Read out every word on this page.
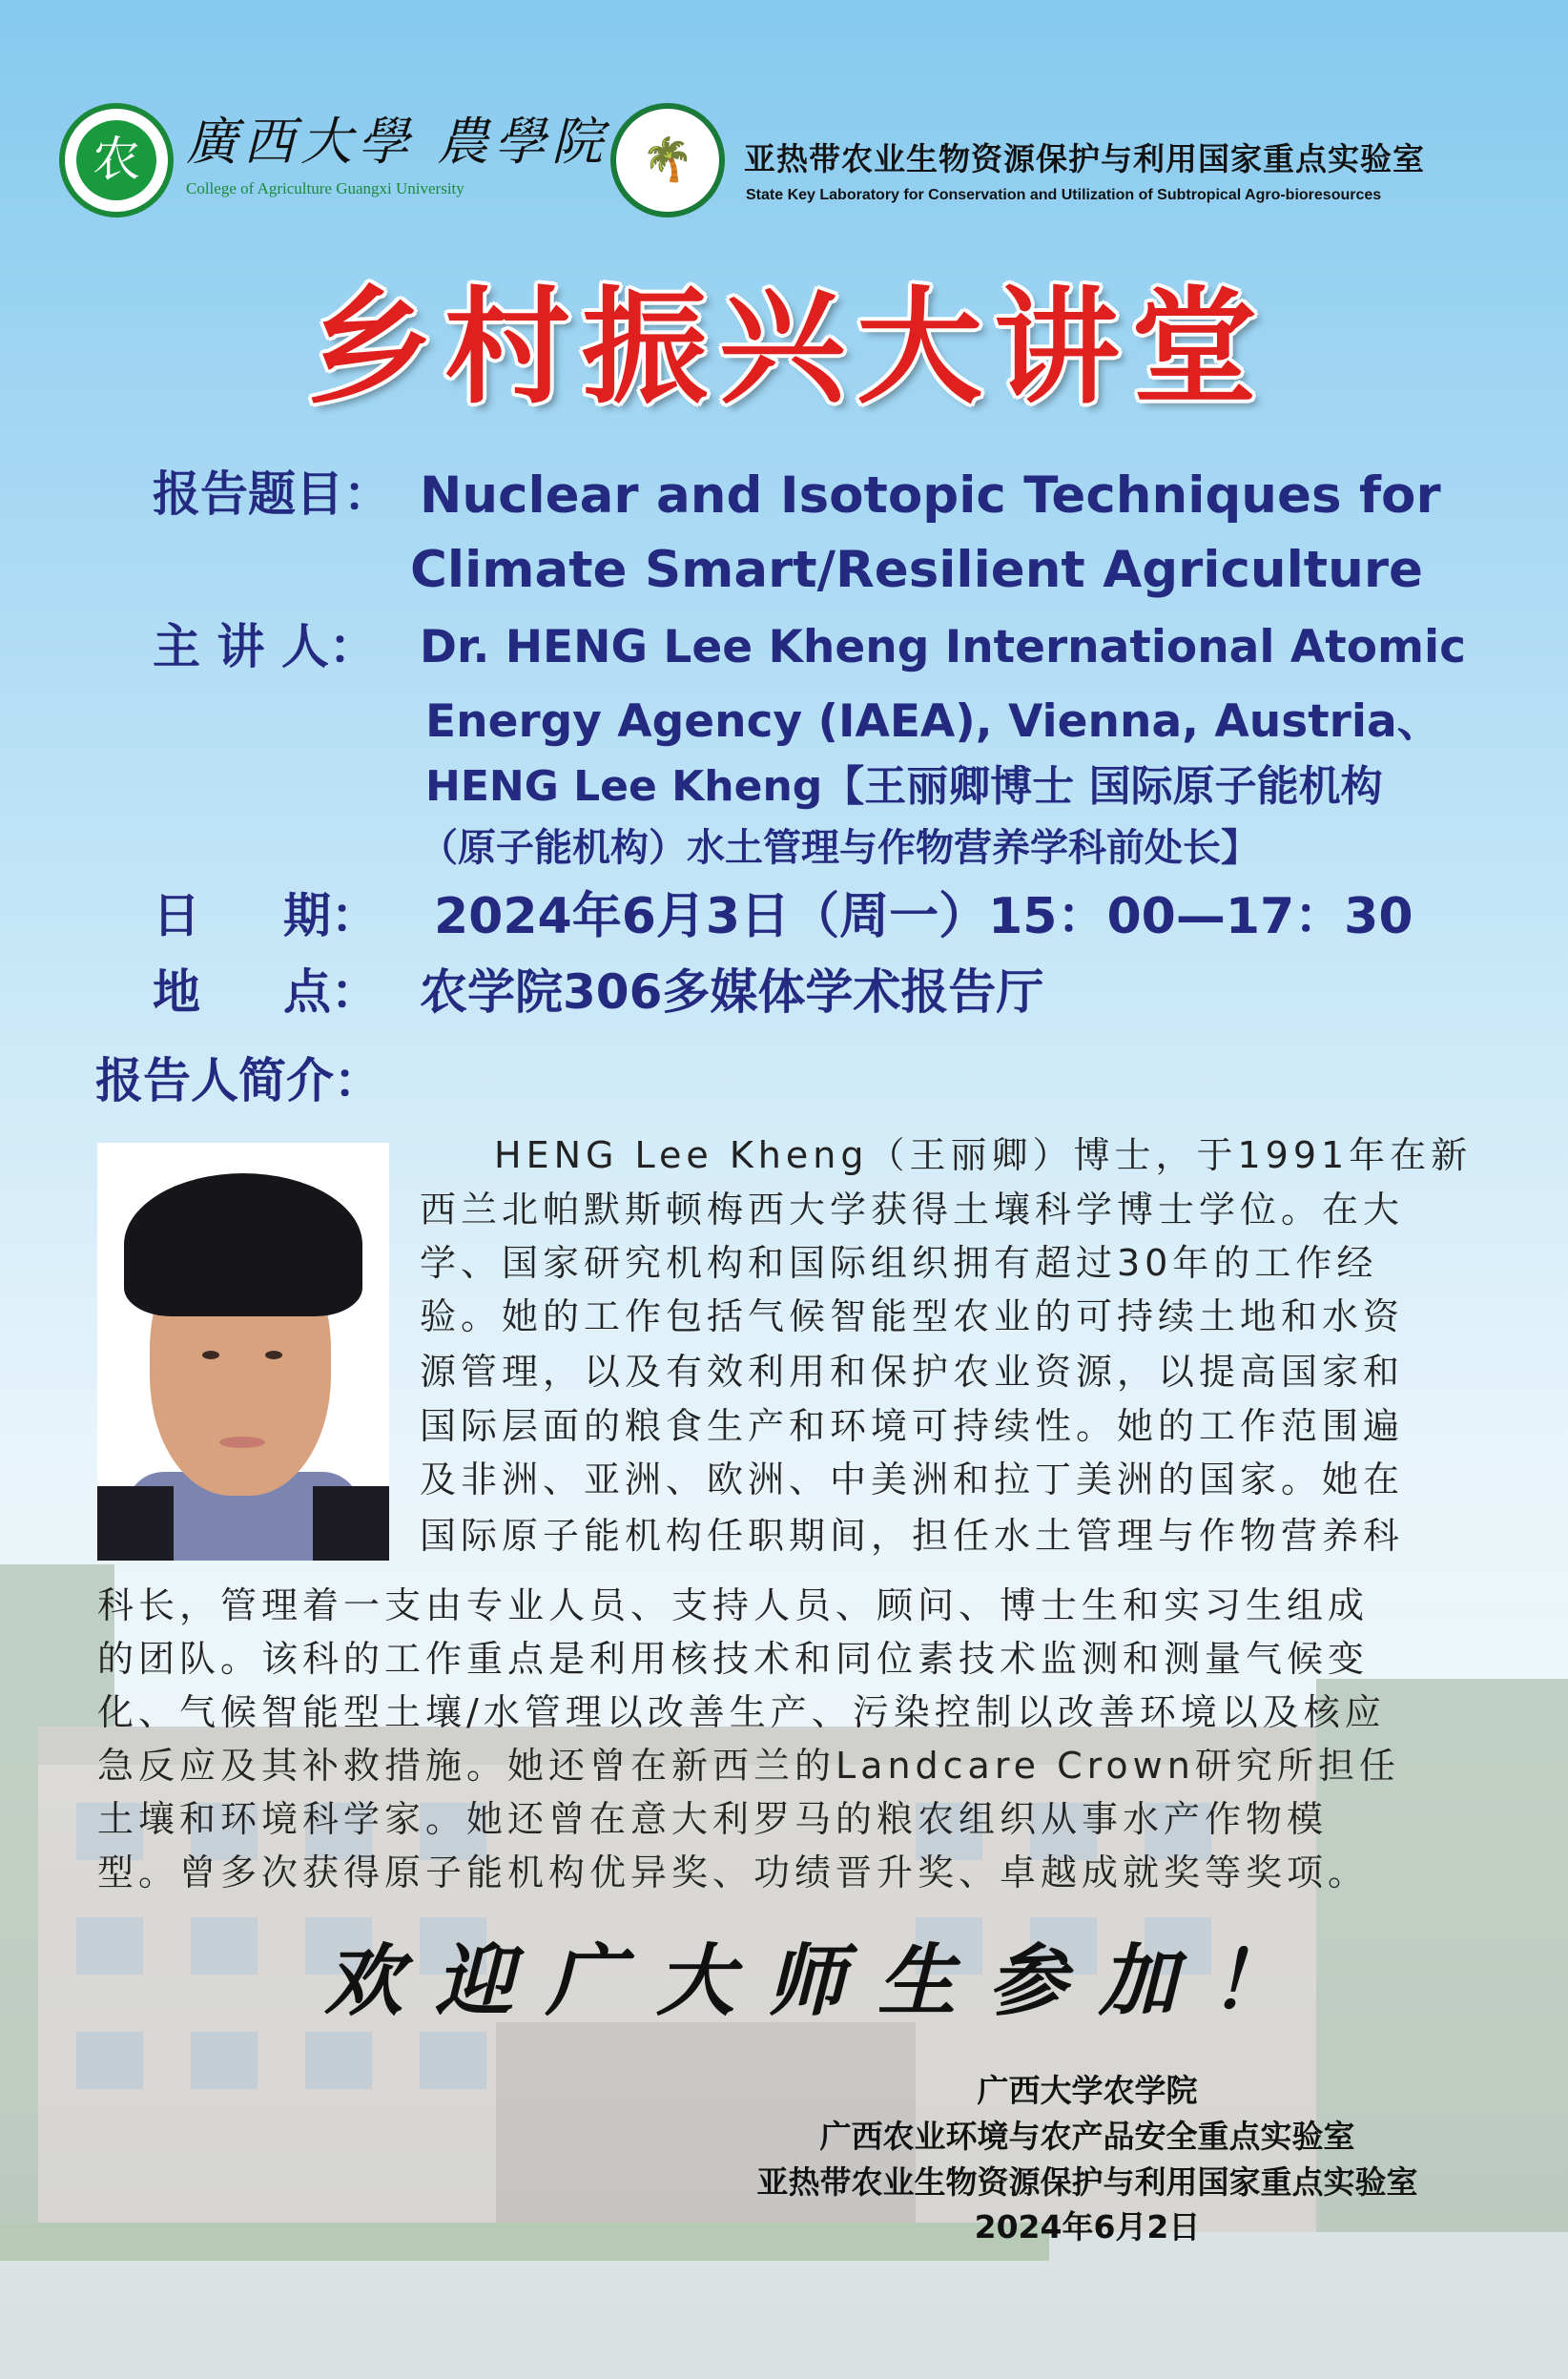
农 廣西大學 農學院
College of Agriculture Guangxi University
🌴 亚热带农业生物资源保护与利用国家重点实验室
State Key Laboratory for Conservation and Utilization of Subtropical Agro-bioresources
乡村振兴大讲堂
报告题目： Nuclear and Isotopic Techniques for
Climate Smart/Resilient Agriculture
主 讲 人： Dr. HENG Lee Kheng International Atomic
Energy Agency (IAEA), Vienna, Austria、
HENG Lee Kheng【王丽卿博士 国际原子能机构
（原子能机构）水土管理与作物营养学科前处长】
日     期： 2024年6月3日（周一）15：00—17：30
地     点： 农学院306多媒体学术报告厅
报告人简介：
HENG Lee Kheng（王丽卿）博士，于1991年在新
西兰北帕默斯顿梅西大学获得土壤科学博士学位。在大
学、国家研究机构和国际组织拥有超过30年的工作经
验。她的工作包括气候智能型农业的可持续土地和水资
源管理，以及有效利用和保护农业资源，以提高国家和
国际层面的粮食生产和环境可持续性。她的工作范围遍
及非洲、亚洲、欧洲、中美洲和拉丁美洲的国家。她在
国际原子能机构任职期间，担任水土管理与作物营养科
科长，管理着一支由专业人员、支持人员、顾问、博士生和实习生组成
的团队。该科的工作重点是利用核技术和同位素技术监测和测量气候变
化、气候智能型土壤/水管理以改善生产、污染控制以改善环境以及核应
急反应及其补救措施。她还曾在新西兰的Landcare Crown研究所担任
土壤和环境科学家。她还曾在意大利罗马的粮农组织从事水产作物模
型。曾多次获得原子能机构优异奖、功绩晋升奖、卓越成就奖等奖项。
欢迎广大师生参加！
广西大学农学院
广西农业环境与农产品安全重点实验室
亚热带农业生物资源保护与利用国家重点实验室
2024年6月2日
